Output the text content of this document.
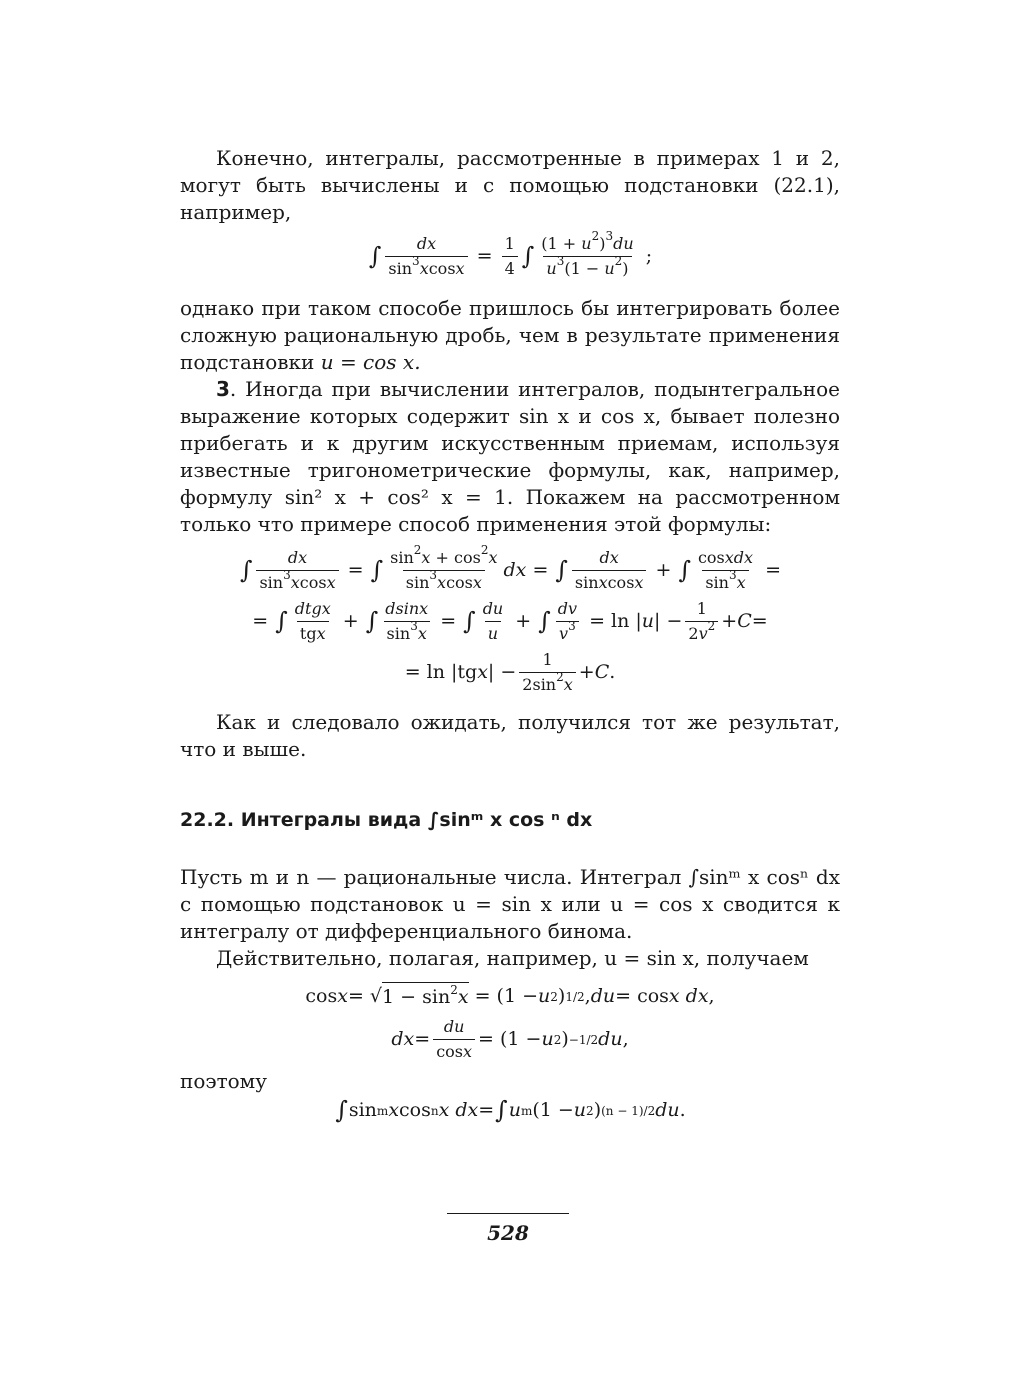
Конечно, интегралы, рассмотренные в примерах 1 и 2, могут быть вычислены и с помощью подстановки (22.1), например,

∫ $\frac{dx}{\sin^3xcosx} = \frac{1}{4}$ ∫ $\frac{(1 + u^2)^3du}{u^3(1 - u^2)}$ ;

однако при таком способе пришлось бы интегрировать более сложную рациональную дробь, чем в результате применения подстановки u = cos x.

3. Иногда при вычислении интегралов, подынтегральное выражение которых содержит sin x и cos x, бывает полезно прибегать и к другим искусственным приемам, используя известные тригонометрические формулы, как, например, формулу sin² x + cos² x = 1. Покажем на рассмотренном только что примере способ применения этой формулы:

∫ $\frac{dx}{\sin^3xcosx}$ = ∫ $\frac{\sin^2x + \cos^2x}{\sin^3xcosx}$ dx = ∫ $\frac{dx}{\text{sinxcosx}}$ + ∫ $\frac{\text{cosxdx}}{\sin^3x}$ =
= ∫ $\frac{\text{dtgx}}{\text{tgx}}$ + ∫ $\frac{dsinx}{\sin^3x}$ = ∫ $\frac{du}{u}$ + ∫ $\frac{dv}{v^3} = \ln$ | u | − $\frac{1}{2v^2} + C$ =
= ln |tg x | − $\frac{1}{2\sin^2x} + C$ .

Как и следовало ожидать, получился тот же результат, что и выше.

22.2. Интегралы вида ∫sinᵐ x cos ⁿ dx

Пусть m и n — рациональные числа. Интеграл ∫sinᵐ x cosⁿ dx с помощью подстановок u = sin x или u = cos x сводится к интегралу от дифференциального бинома.

Действительно, полагая, например, u = sin x, получаем

cos x = √ $1 - \sin^2x = (1 - u$ 2 ) 1/2 , du = cos x dx ,
dx = $\frac{du}{\cos x} = (1 - u$ 2 ) −1/2 du ,

поэтому

∫ sin m x cos n x dx = ∫ u m (1 − u 2 ) (n − 1)/2 du .
528
